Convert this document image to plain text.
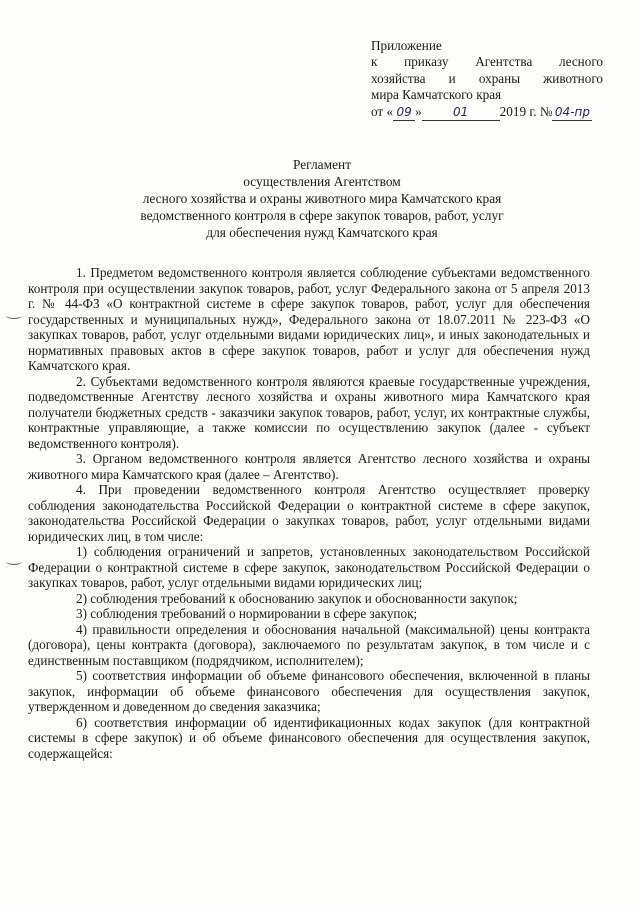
Приложение
к приказу Агентства лесного
хозяйства и охраны животного
мира Камчатского края
от « 09 »	01 2019 г. № 04-пр
Регламент
осуществления Агентством
лесного хозяйства и охраны животного мира Камчатского края
ведомственного контроля в сфере закупок товаров, работ, услуг
для обеспечения нужд Камчатского края

1. Предметом ведомственного контроля является соблюдение субъектами ведомственного контроля при осуществлении закупок товаров, работ, услуг Федерального закона от 5 апреля 2013 г. № 44-ФЗ «О контрактной системе в сфере закупок товаров, работ, услуг для обеспечения государственных и муниципальных нужд», Федерального закона от 18.07.2011 № 223-ФЗ «О закупках товаров, работ, услуг отдельными видами юридических лиц», и иных законодательных и нормативных правовых актов в сфере закупок товаров, работ и услуг для обеспечения нужд Камчатского края.

2. Субъектами ведомственного контроля являются краевые государственные учреждения, подведомственные Агентству лесного хозяйства и охраны животного мира Камчатского края получатели бюджетных средств - заказчики закупок товаров, работ, услуг, их контрактные службы, контрактные управляющие, а также комиссии по осуществлению закупок (далее - субъект ведомственного контроля).

3. Органом ведомственного контроля является Агентство лесного хозяйства и охраны животного мира Камчатского края (далее – Агентство).

4. При проведении ведомственного контроля Агентство осуществляет проверку соблюдения законодательства Российской Федерации о контрактной системе в сфере закупок, законодательства Российской Федерации о закупках товаров, работ, услуг отдельными видами юридических лиц, в том числе:

1) соблюдения ограничений и запретов, установленных законодательством Российской Федерации о контрактной системе в сфере закупок, законодательством Российской Федерации о закупках товаров, работ, услуг отдельными видами юридических лиц;

2) соблюдения требований к обоснованию закупок и обоснованности закупок;

3) соблюдения требований о нормировании в сфере закупок;

4) правильности определения и обоснования начальной (максимальной) цены контракта (договора), цены контракта (договора), заключаемого по результатам закупок, в том числе и с единственным поставщиком (подрядчиком, исполнителем);

5) соответствия информации об объеме финансового обеспечения, включенной в планы закупок, информации об объеме финансового обеспечения для осуществления закупок, утвержденном и доведенном до сведения заказчика;

6) соответствия информации об идентификационных кодах закупок (для контрактной системы в сфере закупок) и об объеме финансового обеспечения для осуществления закупок, содержащейся:
